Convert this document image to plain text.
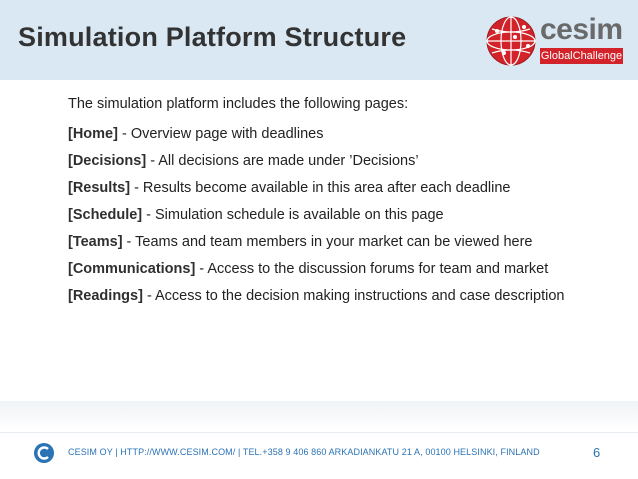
Simulation Platform Structure	cesim
GlobalChallenge

The simulation platform includes the following pages:

[Home] - Overview page with deadlines

[Decisions] - All decisions are made under ’Decisions’

[Results] - Results become available in this area after each deadline

[Schedule] - Simulation schedule is available on this page

[Teams] - Teams and team members in your market can be viewed here

[Communications] - Access to the discussion forums for team and market

[Readings] - Access to the decision making instructions and case description

CESIM OY | HTTP://WWW.CESIM.COM/ | TEL.+358 9 406 860 ARKADIANKATU 21 A, 00100 HELSINKI, FINLAND	6
